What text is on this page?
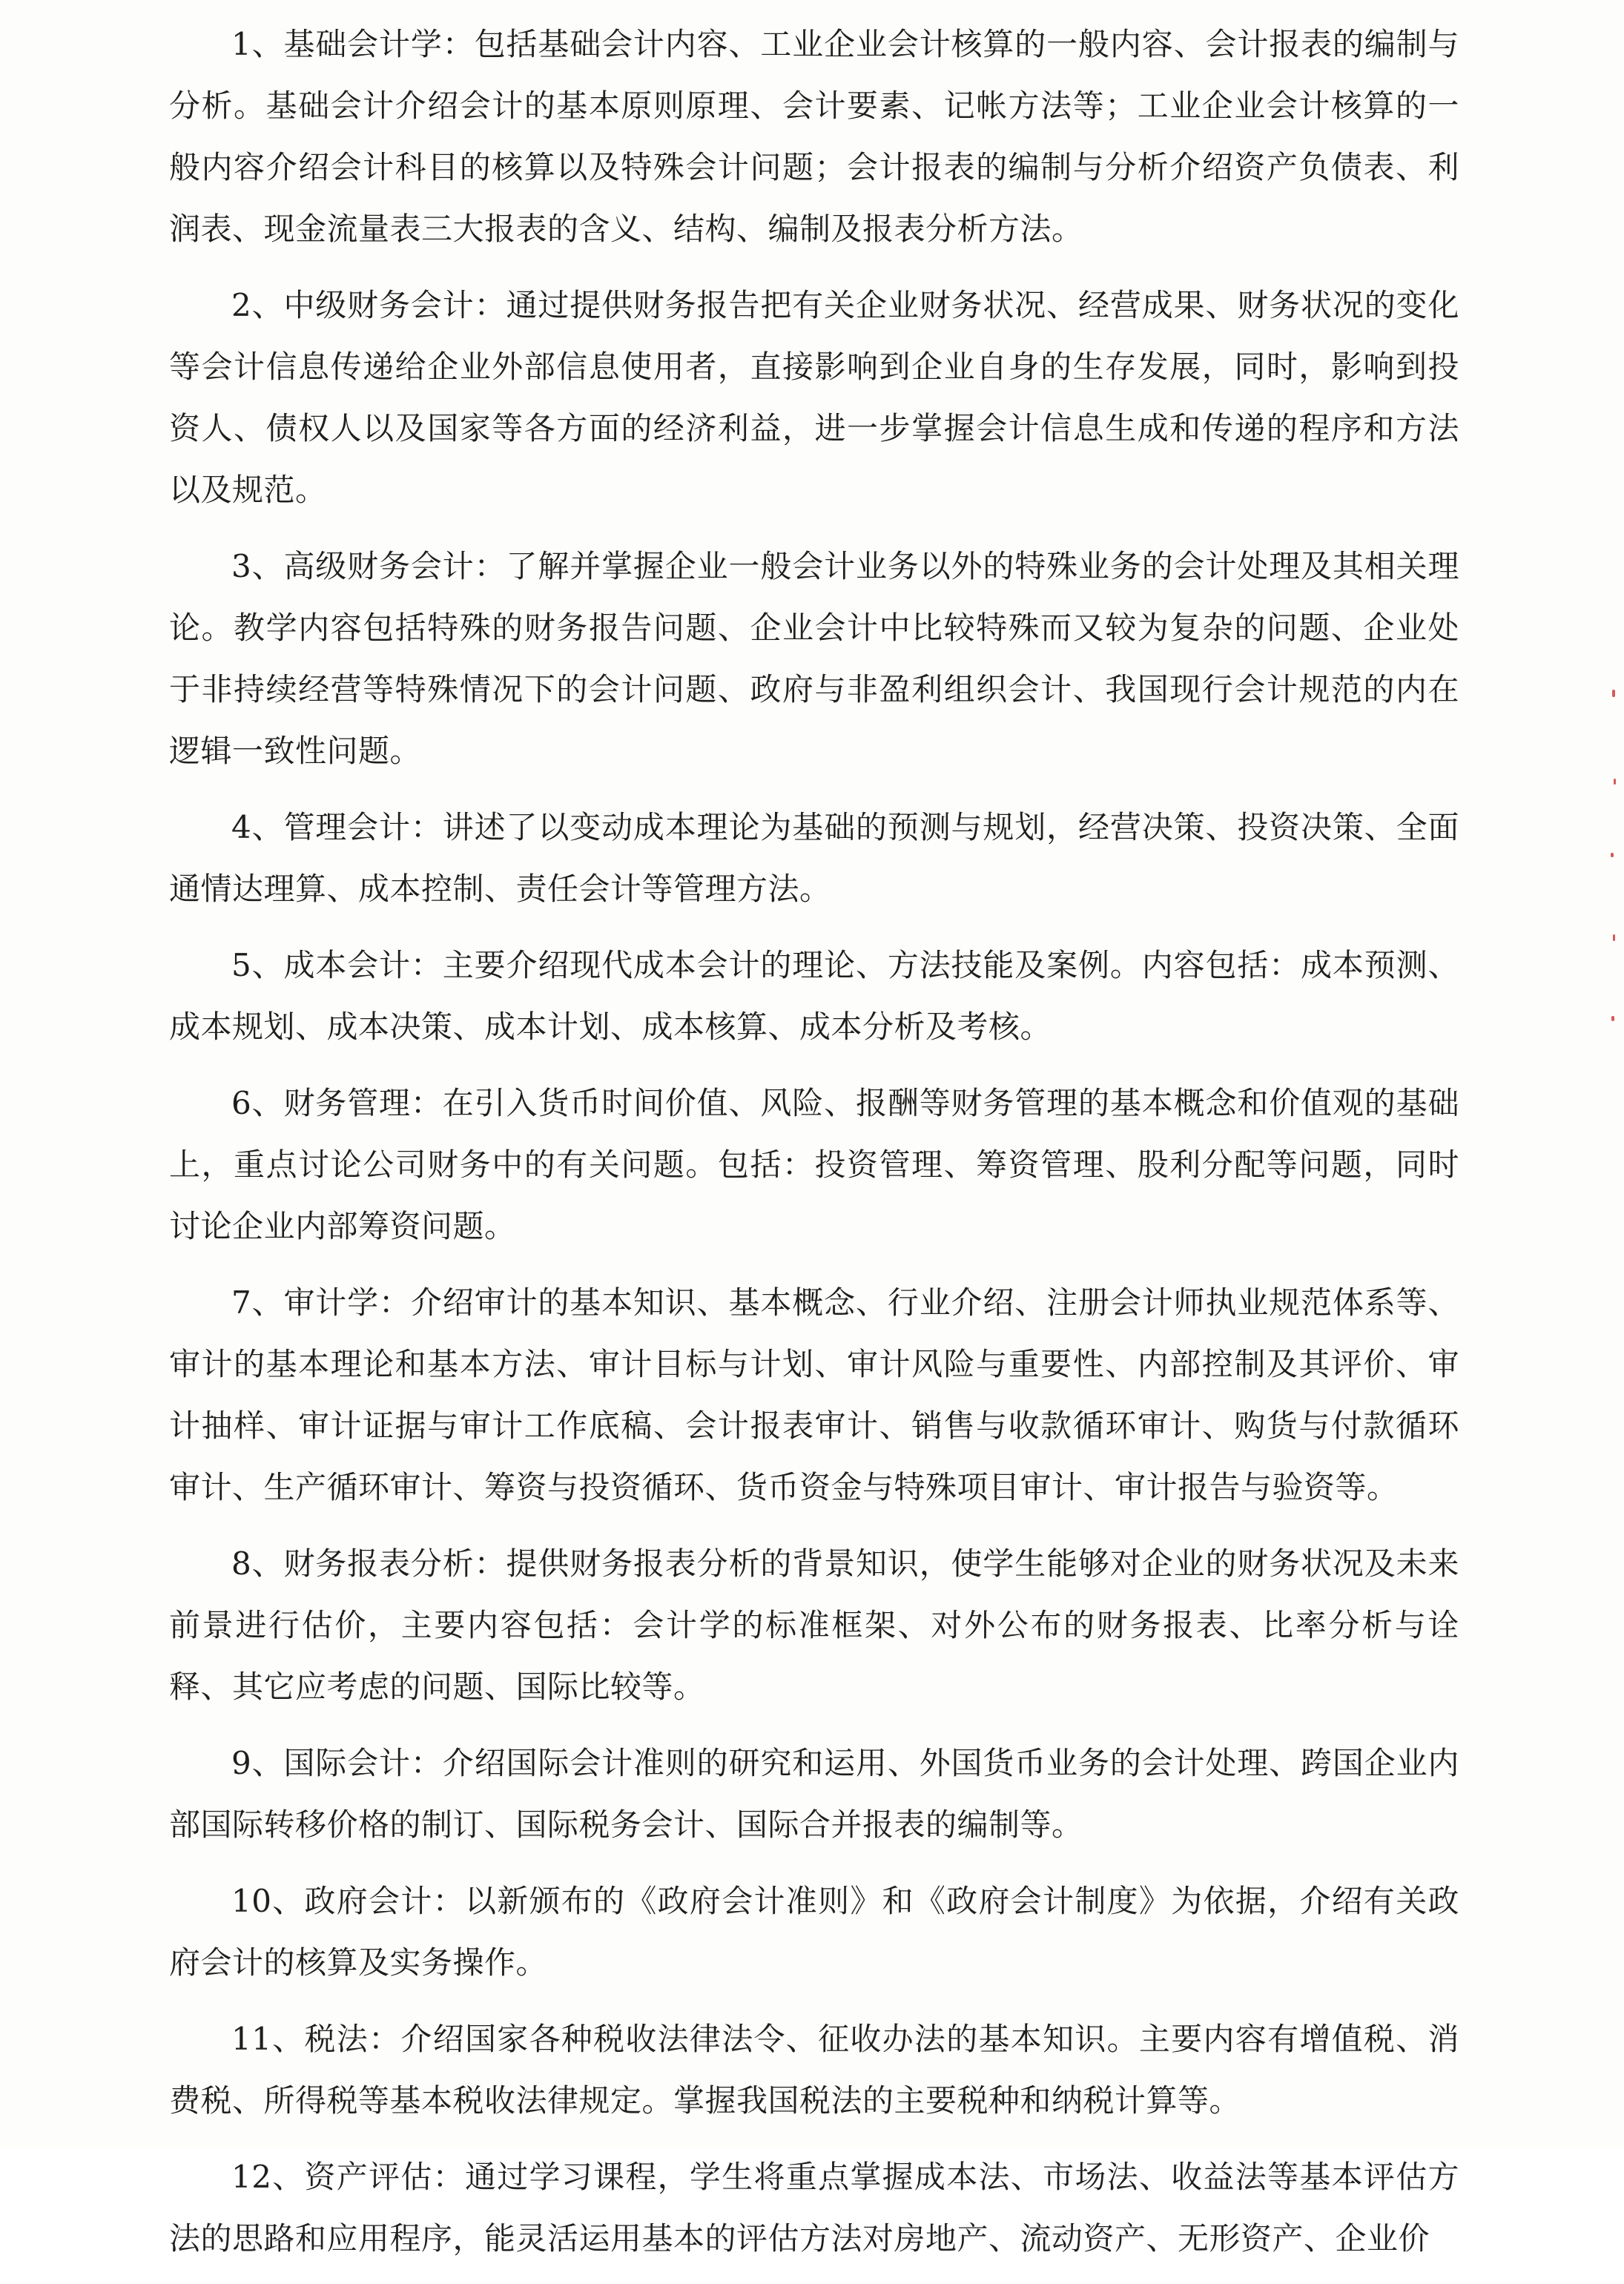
1、基础会计学：包括基础会计内容、工业企业会计核算的一般内容、会计报表的编制与分析。基础会计介绍会计的基本原则原理、会计要素、记帐方法等；工业企业会计核算的一般内容介绍会计科目的核算以及特殊会计问题；会计报表的编制与分析介绍资产负债表、利润表、现金流量表三大报表的含义、结构、编制及报表分析方法。

2、中级财务会计：通过提供财务报告把有关企业财务状况、经营成果、财务状况的变化等会计信息传递给企业外部信息使用者，直接影响到企业自身的生存发展，同时，影响到投资人、债权人以及国家等各方面的经济利益，进一步掌握会计信息生成和传递的程序和方法以及规范。

3、高级财务会计：了解并掌握企业一般会计业务以外的特殊业务的会计处理及其相关理论。教学内容包括特殊的财务报告问题、企业会计中比较特殊而又较为复杂的问题、企业处于非持续经营等特殊情况下的会计问题、政府与非盈利组织会计、我国现行会计规范的内在逻辑一致性问题。

4、管理会计：讲述了以变动成本理论为基础的预测与规划，经营决策、投资决策、全面通情达理算、成本控制、责任会计等管理方法。

5、成本会计：主要介绍现代成本会计的理论、方法技能及案例。内容包括：成本预测、成本规划、成本决策、成本计划、成本核算、成本分析及考核。

6、财务管理：在引入货币时间价值、风险、报酬等财务管理的基本概念和价值观的基础上，重点讨论公司财务中的有关问题。包括：投资管理、筹资管理、股利分配等问题，同时讨论企业内部筹资问题。

7、审计学：介绍审计的基本知识、基本概念、行业介绍、注册会计师执业规范体系等、审计的基本理论和基本方法、审计目标与计划、审计风险与重要性、内部控制及其评价、审计抽样、审计证据与审计工作底稿、会计报表审计、销售与收款循环审计、购货与付款循环审计、生产循环审计、筹资与投资循环、货币资金与特殊项目审计、审计报告与验资等。

8、财务报表分析：提供财务报表分析的背景知识，使学生能够对企业的财务状况及未来前景进行估价，主要内容包括：会计学的标准框架、对外公布的财务报表、比率分析与诠释、其它应考虑的问题、国际比较等。

9、国际会计：介绍国际会计准则的研究和运用、外国货币业务的会计处理、跨国企业内部国际转移价格的制订、国际税务会计、国际合并报表的编制等。

10、政府会计：以新颁布的《政府会计准则》和《政府会计制度》为依据，介绍有关政府会计的核算及实务操作。

11、税法：介绍国家各种税收法律法令、征收办法的基本知识。主要内容有增值税、消费税、所得税等基本税收法律规定。掌握我国税法的主要税种和纳税计算等。

12、资产评估：通过学习课程，学生将重点掌握成本法、市场法、收益法等基本评估方法的思路和应用程序，能灵活运用基本的评估方法对房地产、流动资产、无形资产、企业价
